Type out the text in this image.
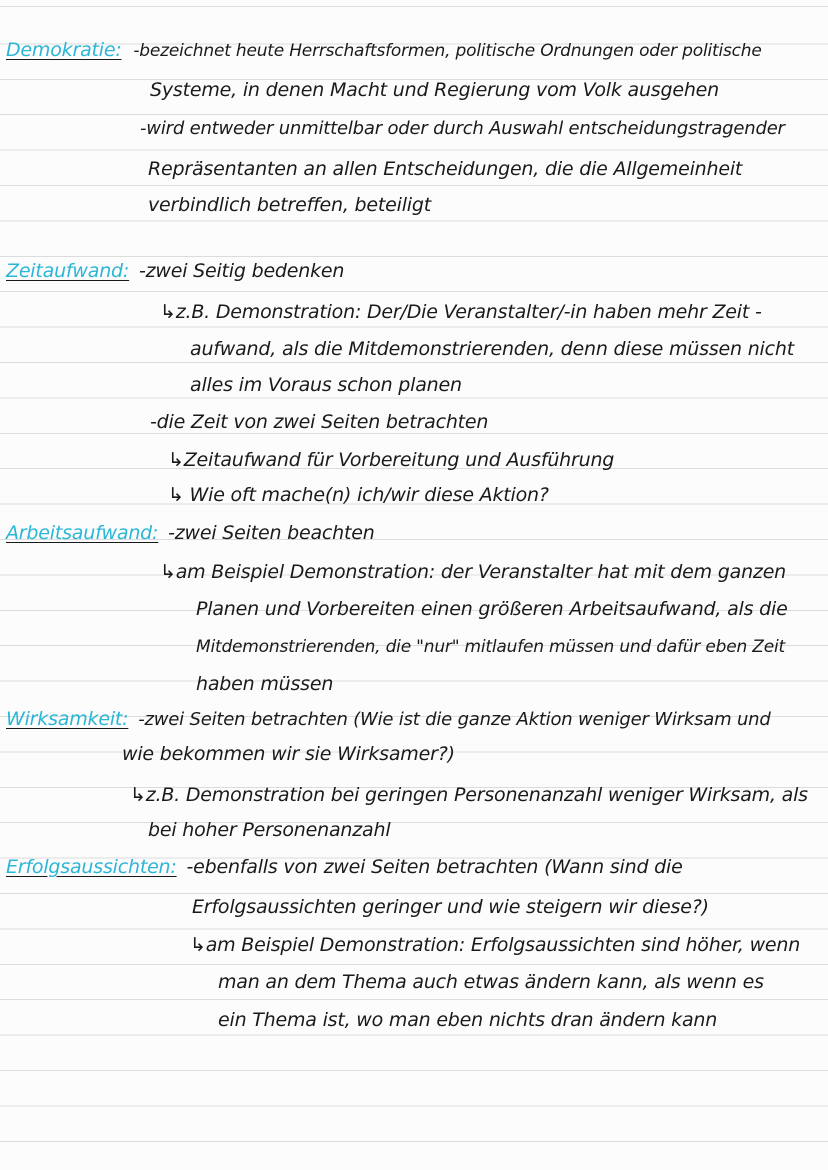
Demokratie: -bezeichnet heute Herrschaftsformen, politische Ordnungen oder politische
Systeme, in denen Macht und Regierung vom Volk ausgehen
-wird entweder unmittelbar oder durch Auswahl entscheidungstragender
Repräsentanten an allen Entscheidungen, die die Allgemeinheit
verbindlich betreffen, beteiligt
Zeitaufwand: -zwei Seitig bedenken
↳z.B. Demonstration: Der/Die Veranstalter/-in haben mehr Zeit -
aufwand, als die Mitdemonstrierenden, denn diese müssen nicht
alles im Voraus schon planen
-die Zeit von zwei Seiten betrachten
↳Zeitaufwand für Vorbereitung und Ausführung
↳ Wie oft mache(n) ich/wir diese Aktion?
Arbeitsaufwand: -zwei Seiten beachten
↳am Beispiel Demonstration: der Veranstalter hat mit dem ganzen
Planen und Vorbereiten einen größeren Arbeitsaufwand, als die
Mitdemonstrierenden, die "nur" mitlaufen müssen und dafür eben Zeit
haben müssen
Wirksamkeit: -zwei Seiten betrachten (Wie ist die ganze Aktion weniger Wirksam und
wie bekommen wir sie Wirksamer?)
↳z.B. Demonstration bei geringen Personenanzahl weniger Wirksam, als
bei hoher Personenanzahl
Erfolgsaussichten: -ebenfalls von zwei Seiten betrachten (Wann sind die
Erfolgsaussichten geringer und wie steigern wir diese?)
↳am Beispiel Demonstration: Erfolgsaussichten sind höher, wenn
man an dem Thema auch etwas ändern kann, als wenn es
ein Thema ist, wo man eben nichts dran ändern kann
